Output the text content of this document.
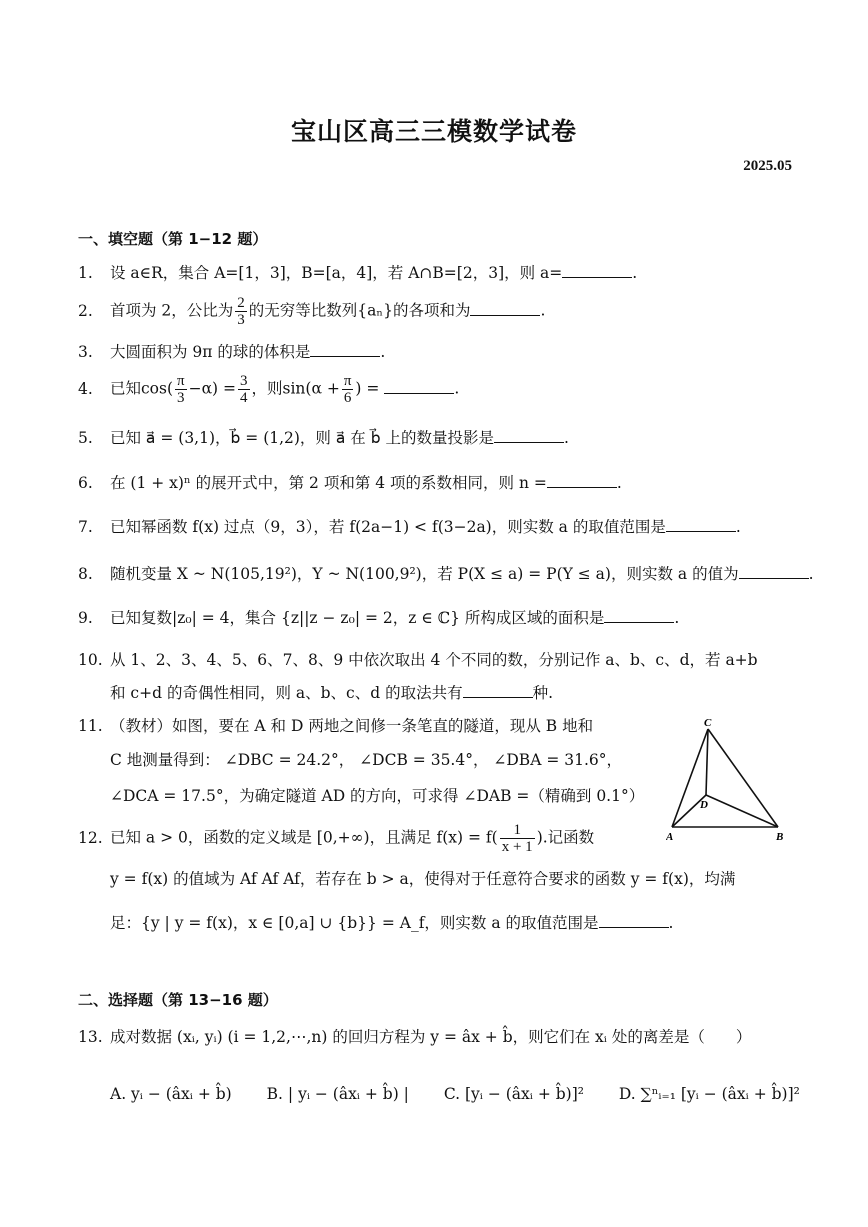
宝山区高三三模数学试卷
2025.05
一、填空题（第 1−12 题）
1. 设 a∈R，集合 A=[1，3]，B=[a，4]，若 A∩B=[2，3]，则 a=	.
2. 首项为 2，公比为 $\frac{2}{3}$ 的无穷等比数列{aₙ}的各项和为	.
3. 大圆面积为 9π 的球的体积是	.
4. 已知$\cos( \frac{\pi}{3} -\alpha) = \frac{3}{4}$ ，则$\sin(\alpha + \frac{\pi}{6}$ ) =	.
5. 已知 a⃗ = (3,1)，b⃗ = (1,2)，则 a⃗ 在 b⃗ 上的数量投影是	.
6. 在 (1 + x)ⁿ 的展开式中，第 2 项和第 4 项的系数相同，则 n =	.
7. 已知幂函数 f(x) 过点（9，3），若 f(2a−1) < f(3−2a)，则实数 a 的取值范围是	.
8. 随机变量 X ~ N(105,19²)，Y ~ N(100,9²)，若 P(X ≤ a) = P(Y ≤ a)，则实数 a 的值为	.
9. 已知复数|z₀| = 4，集合 {z||z − z₀| = 2，z ∈ ℂ} 所构成区域的面积是	.
10. 从 1、2、3、4、5、6、7、8、9 中依次取出 4 个不同的数，分别记作 a、b、c、d，若 a+b
和 c+d 的奇偶性相同，则 a、b、c、d 的取法共有	种.
11. （教材）如图，要在 A 和 D 两地之间修一条笔直的隧道，现从 B 地和
C 地测量得到： ∠DBC = 24.2°， ∠DCB = 35.4°， ∠DBA = 31.6°，
∠DCA = 17.5°，为确定隧道 AD 的方向，可求得 ∠DAB =（精确到 0.1°）
C
D
A	B
12. 已知 a > 0，函数的定义域是 [0,+∞)，且满足 $f(x) = f( \frac{1}{x + 1}$ ).记函数
y = f(x) 的值域为 Af Af Af，若存在 b > a，使得对于任意符合要求的函数 y = f(x)，均满
足：{y | y = f(x)，x ∈ [0,a] ∪ {b}} = A_f，则实数 a 的取值范围是	.
二、选择题（第 13−16 题）
13. 成对数据 (xᵢ, yᵢ) (i = 1,2,⋯,n) 的回归方程为 y = âx + b̂，则它们在 xᵢ 处的离差是（　　）
A. yᵢ − (âxᵢ + b̂) B. | yᵢ − (âxᵢ + b̂) | C. [yᵢ − (âxᵢ + b̂)]² D. ∑ⁿᵢ₌₁ [yᵢ − (âxᵢ + b̂)]²
